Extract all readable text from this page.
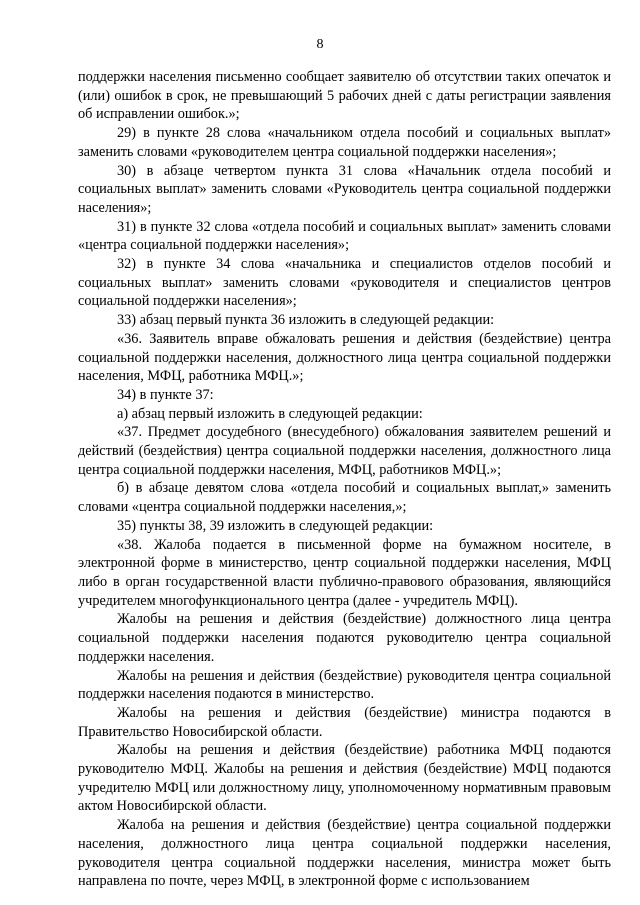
8

поддержки населения письменно сообщает заявителю об отсутствии таких опечаток и (или) ошибок в срок, не превышающий 5 рабочих дней с даты регистрации заявления об исправлении ошибок.»;

29) в пункте 28 слова «начальником отдела пособий и социальных выплат» заменить словами «руководителем центра социальной поддержки населения»;

30) в абзаце четвертом пункта 31 слова «Начальник отдела пособий и социальных выплат» заменить словами «Руководитель центра социальной поддержки населения»;

31) в пункте 32 слова «отдела пособий и социальных выплат» заменить словами «центра социальной поддержки населения»;

32) в пункте 34 слова «начальника и специалистов отделов пособий и социальных выплат» заменить словами «руководителя и специалистов центров социальной поддержки населения»;

33) абзац первый пункта 36 изложить в следующей редакции:

«36. Заявитель вправе обжаловать решения и действия (бездействие) центра социальной поддержки населения, должностного лица центра социальной поддержки населения, МФЦ, работника МФЦ.»;

34) в пункте 37:

а) абзац первый изложить в следующей редакции:

«37. Предмет досудебного (внесудебного) обжалования заявителем решений и действий (бездействия) центра социальной поддержки населения, должностного лица центра социальной поддержки населения, МФЦ, работников МФЦ.»;

б) в абзаце девятом слова «отдела пособий и социальных выплат,» заменить словами «центра социальной поддержки населения,»;

35) пункты 38, 39 изложить в следующей редакции:

«38. Жалоба подается в письменной форме на бумажном носителе, в электронной форме в министерство, центр социальной поддержки населения, МФЦ либо в орган государственной власти публично-правового образования, являющийся учредителем многофункционального центра (далее - учредитель МФЦ).

Жалобы на решения и действия (бездействие) должностного лица центра социальной поддержки населения подаются руководителю центра социальной поддержки населения.

Жалобы на решения и действия (бездействие) руководителя центра социальной поддержки населения подаются в министерство.

Жалобы на решения и действия (бездействие) министра подаются в Правительство Новосибирской области.

Жалобы на решения и действия (бездействие) работника МФЦ подаются руководителю МФЦ. Жалобы на решения и действия (бездействие) МФЦ подаются учредителю МФЦ или должностному лицу, уполномоченному нормативным правовым актом Новосибирской области.

Жалоба на решения и действия (бездействие) центра социальной поддержки населения, должностного лица центра социальной поддержки населения, руководителя центра социальной поддержки населения, министра может быть направлена по почте, через МФЦ, в электронной форме с использованием
